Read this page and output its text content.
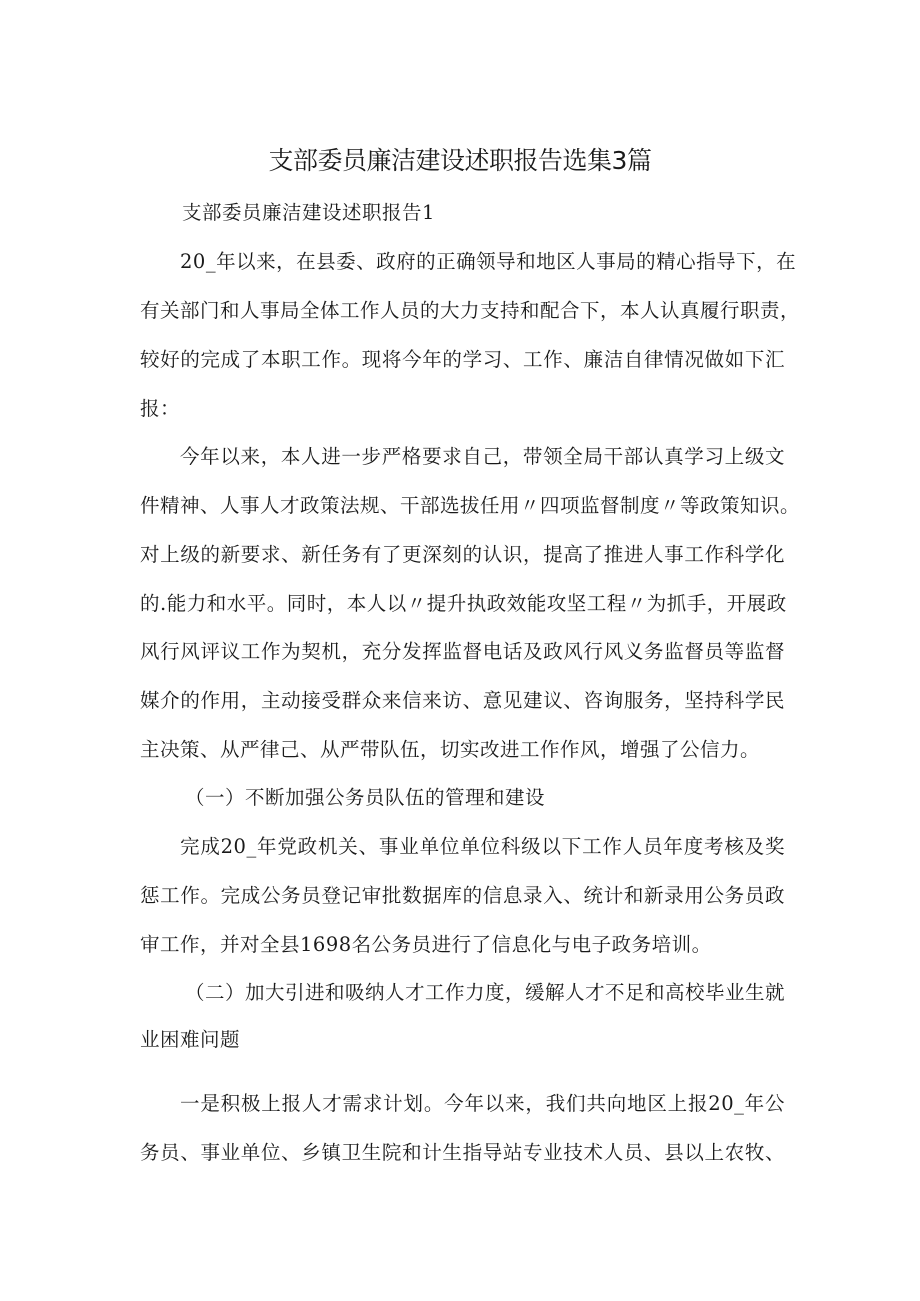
支部委员廉洁建设述职报告选集3篇
支部委员廉洁建设述职报告1
20_年以来，在县委、政府的正确领导和地区人事局的精心指导下，在
有关部门和人事局全体工作人员的大力支持和配合下，本人认真履行职责，
较好的完成了本职工作。现将今年的学习、工作、廉洁自律情况做如下汇
报：
今年以来，本人进一步严格要求自己，带领全局干部认真学习上级文
件精神、人事人才政策法规、干部选拔任用〃四项监督制度〃等政策知识。
对上级的新要求、新任务有了更深刻的认识，提高了推进人事工作科学化
的.能力和水平。同时，本人以〃提升执政效能攻坚工程〃为抓手，开展政
风行风评议工作为契机，充分发挥监督电话及政风行风义务监督员等监督
媒介的作用，主动接受群众来信来访、意见建议、咨询服务，坚持科学民
主决策、从严律己、从严带队伍，切实改进工作作风，增强了公信力。
（一）不断加强公务员队伍的管理和建设
完成20_年党政机关、事业单位单位科级以下工作人员年度考核及奖
惩工作。完成公务员登记审批数据库的信息录入、统计和新录用公务员政
审工作，并对全县1698名公务员进行了信息化与电子政务培训。
（二）加大引进和吸纳人才工作力度，缓解人才不足和高校毕业生就
业困难问题
一是积极上报人才需求计划。今年以来，我们共向地区上报20_年公
务员、事业单位、乡镇卫生院和计生指导站专业技术人员、县以上农牧、
